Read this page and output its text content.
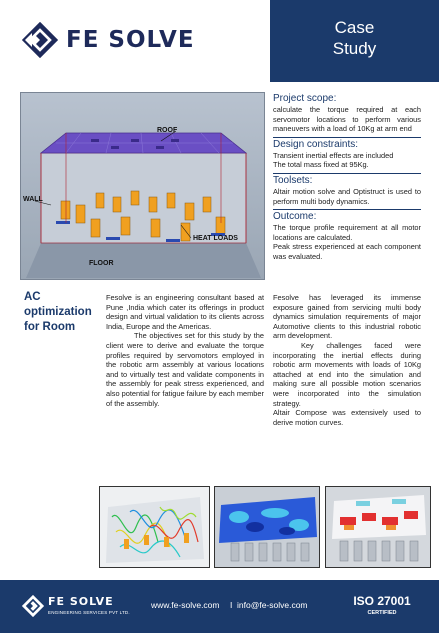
FE SOLVE	Case
Study
ROOF
WALL
HEAT LOADS
FLOOR
Project scope:
calculate the torque required at each servomotor locations to perform various maneuvers with a load of 10Kg at arm end
Design constraints:
Transient inertial effects are included
The total mass fixed at 95Kg.
Toolsets:
Altair motion solve and Optistruct is used to perform multi body dynamics.
Outcome:
The torque profile requirement at all motor locations are calculated.
Peak stress experienced at each component was evaluated.
AC optimization for Room

Fesolve is an engineering consultant based at Pune ,India which cater its offerings in product design and virtual validation to its clients across India, Europe and the Americas.

The objectives set for this study by the client were to derive and evaluate the torque profiles required by servomotors employed in the robotic arm assembly at various locations and to virtually test and validate components in the assembly for peak stress experienced, and also potential for fatigue failure by each member of the assembly.

Fesolve has leveraged its immense exposure gained from servicing multi body dynamics simulation requirements of major Automotive clients to this industrial robotic arm development.

Key challenges faced were incorporating the inertial effects during robotic arm movements with loads of 10Kg attached at end into the simulation and making sure all possible motion scenarios were incorporated into the simulation strategy.

Altair Compose was extensively used to derive motion curves.

FE SOLVE
ENGINEERING SERVICES PVT LTD.
www.fe-solve.com I info@fe-solve.com	ISO 27001
CERTIFIED
